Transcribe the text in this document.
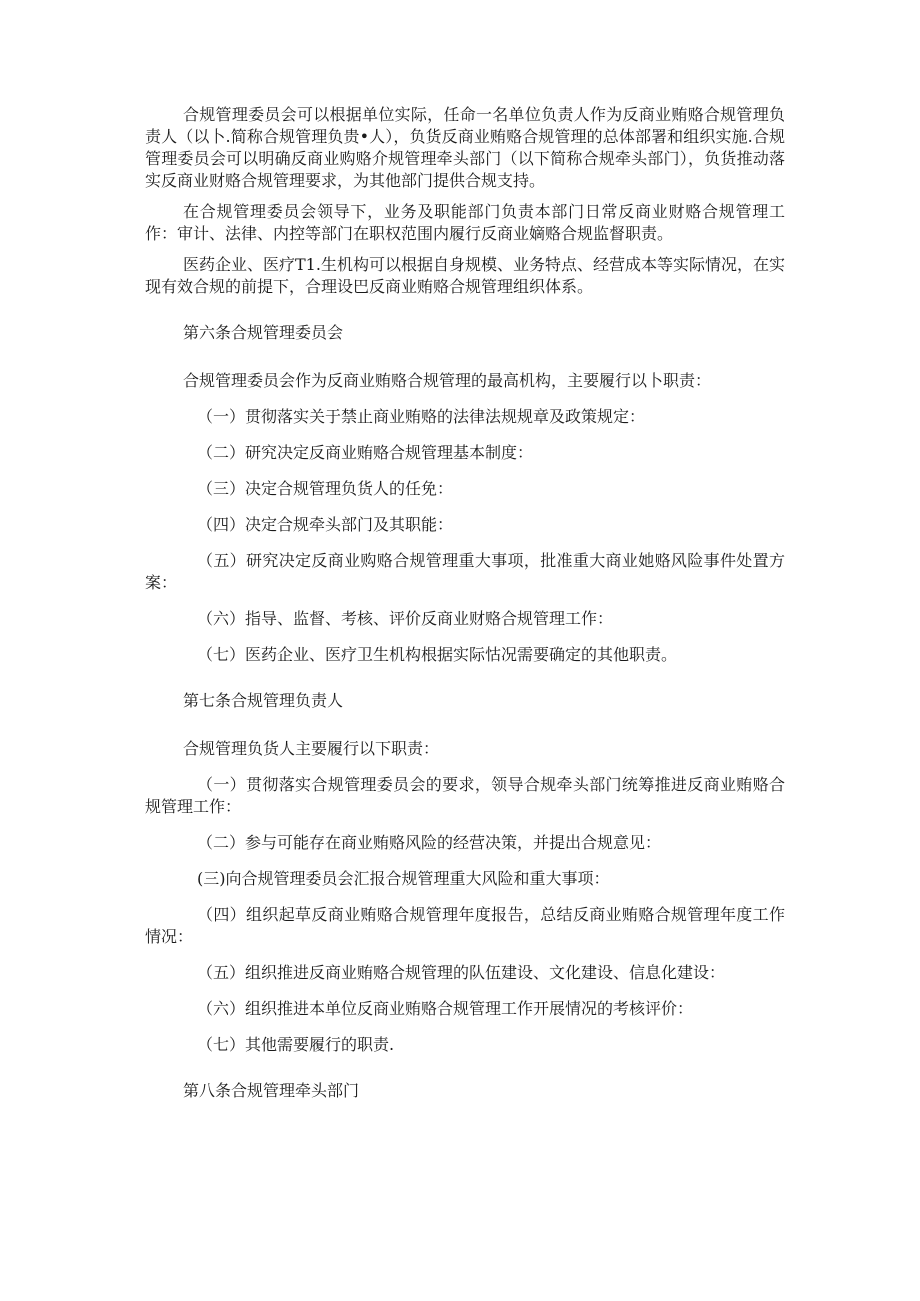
合规管理委员会可以根据单位实际，任命一名单位负责人作为反商业贿赂合规管理负责人（以卜.简称合规管理负贵•人），负货反商业贿赂合规管理的总体部署和组织实施.合规管理委员会可以明确反商业购赂介规管理牵头部门（以下简称合规牵头部门），负货推动落实反商业财赂合规管理要求，为其他部门提供合规支持。

在合规管理委员会领导下，业务及职能部门负责本部门日常反商业财赂合规管理工作：审计、法律、内控等部门在职权范围内履行反商业嫡赂合规监督职责。

医药企业、医疗T1.生机构可以根据自身规模、业务特点、经营成本等实际情况，在实现有效合规的前提下，合理设巴反商业贿赂合规管理组织体系。

第六条合规管理委员会

合规管理委员会作为反商业贿赂合规管理的最高机构，主要履行以卜职责：

（一）贯彻落实关于禁止商业贿赂的法律法规规章及政策规定：

（二）研究决定反商业贿赂合规管理基本制度：

（三）决定合规管理负货人的任免：

（四）决定合规牵头部门及其职能：

（五）研究决定反商业购赂合规管理重大事项，批准重大商业她赂风险事件处置方案：

（六）指导、监督、考核、评价反商业财赂合规管理工作：

（七）医药企业、医疗卫生机构根据实际怙况需要确定的其他职责。

第七条合规管理负责人

合规管理负货人主要履行以下职责：

（一）贯彻落实合规管理委员会的要求，领导合规牵头部门统筹推进反商业贿赂合规管理工作：

（二）参与可能存在商业贿赂风险的经营决策，并提出合规意见：

(三)向合规管理委员会汇报合规管理重大风险和重大事项：

（四）组织起草反商业贿赂合规管理年度报告，总结反商业贿赂合规管理年度工作情况：

（五）组织推进反商业贿赂合规管理的队伍建设、文化建设、信息化建设：

（六）组织推进本单位反商业贿赂合规管理工作开展情况的考核评价：

（七）其他需要履行的职责.

第八条合规管理牵头部门
